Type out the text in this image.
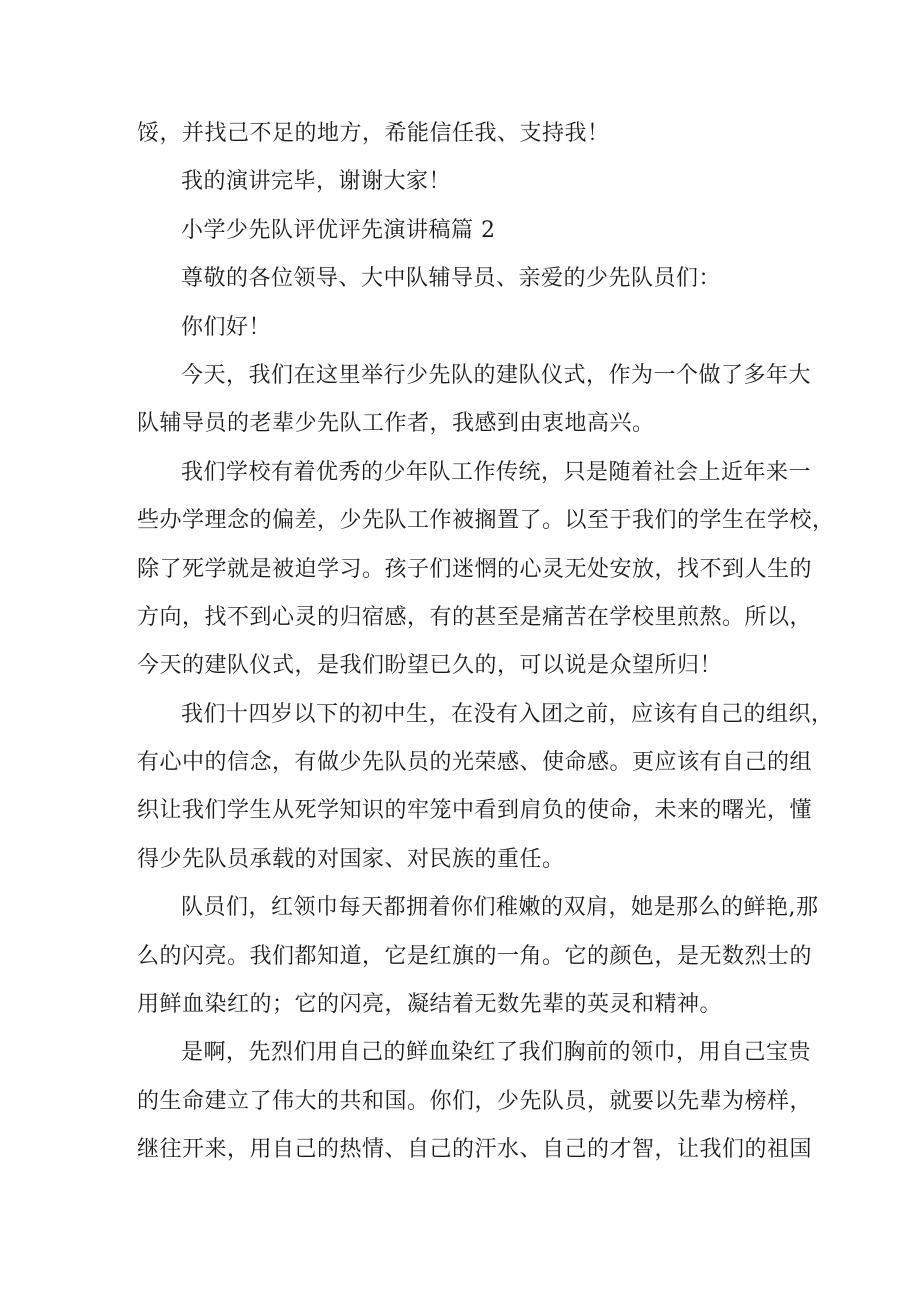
馁，并找己不足的地方，希能信任我、支持我！
我的演讲完毕，谢谢大家！
小学少先队评优评先演讲稿篇 2
尊敬的各位领导、大中队辅导员、亲爱的少先队员们：
你们好！
今天，我们在这里举行少先队的建队仪式，作为一个做了多年大
队辅导员的老辈少先队工作者，我感到由衷地高兴。
我们学校有着优秀的少年队工作传统，只是随着社会上近年来一
些办学理念的偏差，少先队工作被搁置了。以至于我们的学生在学校，
除了死学就是被迫学习。孩子们迷惘的心灵无处安放，找不到人生的
方向，找不到心灵的归宿感，有的甚至是痛苦在学校里煎熬。所以，
今天的建队仪式，是我们盼望已久的，可以说是众望所归！
我们十四岁以下的初中生，在没有入团之前，应该有自己的组织，
有心中的信念，有做少先队员的光荣感、使命感。更应该有自己的组
织让我们学生从死学知识的牢笼中看到肩负的使命，未来的曙光，懂
得少先队员承载的对国家、对民族的重任。
队员们，红领巾每天都拥着你们稚嫩的双肩，她是那么的鲜艳,那
么的闪亮。我们都知道，它是红旗的一角。它的颜色，是无数烈士的
用鲜血染红的；它的闪亮，凝结着无数先辈的英灵和精神。
是啊，先烈们用自己的鲜血染红了我们胸前的领巾，用自己宝贵
的生命建立了伟大的共和国。你们，少先队员，就要以先辈为榜样，
继往开来，用自己的热情、自己的汗水、自己的才智，让我们的祖国
